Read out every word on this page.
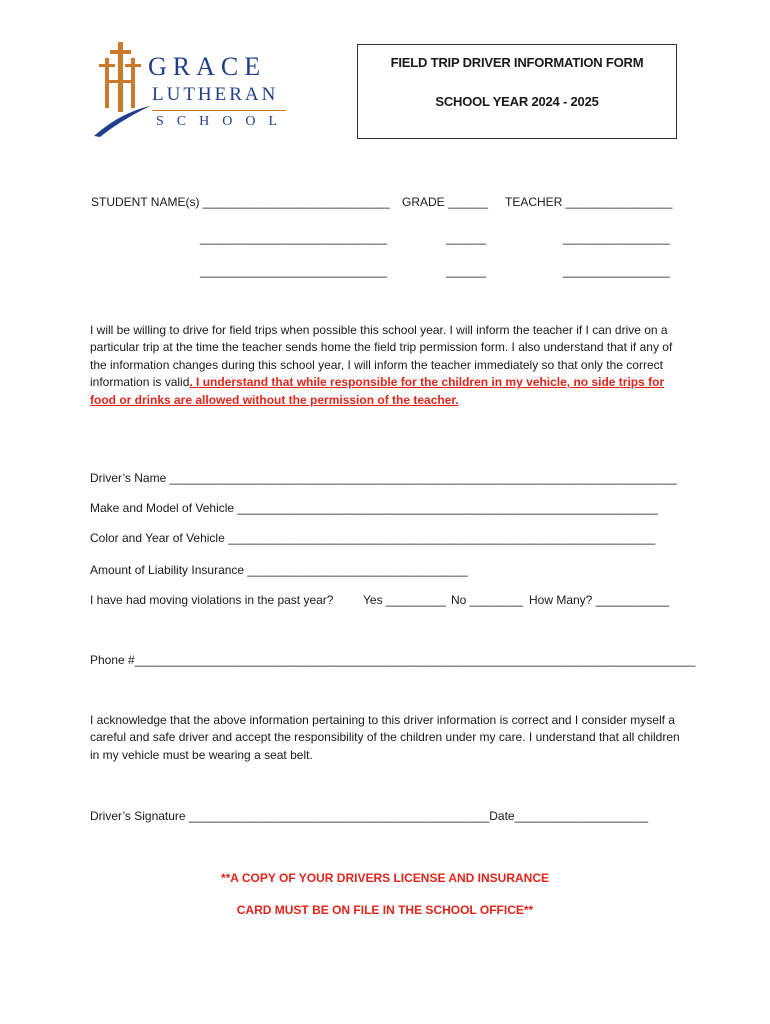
GRACE
LUTHERAN
SCHOOL
FIELD TRIP DRIVER INFORMATION FORM
SCHOOL YEAR 2024 - 2025
STUDENT NAME(s) ____________________________ GRADE ______ TEACHER ________________
____________________________	______	________________
____________________________	______	________________
I will be willing to drive for field trips when possible this school year. I will inform the teacher if I can drive on a particular trip at the time the teacher sends home the field trip permission form. I also understand that if any of the information changes during this school year, I will inform the teacher immediately so that only the correct information is valid. I understand that while responsible for the children in my vehicle, no side trips for food or drinks are allowed without the permission of the teacher.
Driver’s Name ____________________________________________________________________________
Make and Model of Vehicle _______________________________________________________________
Color and Year of Vehicle ________________________________________________________________
Amount of Liability Insurance _________________________________
I have had moving violations in the past year? Yes _________ No ________ How Many? ___________
Phone #____________________________________________________________________________________
I acknowledge that the above information pertaining to this driver information is correct and I consider myself a careful and safe driver and accept the responsibility of the children under my care. I understand that all children in my vehicle must be wearing a seat belt.
Driver’s Signature _____________________________________________Date____________________
**A COPY OF YOUR DRIVERS LICENSE AND INSURANCE
CARD MUST BE ON FILE IN THE SCHOOL OFFICE**
